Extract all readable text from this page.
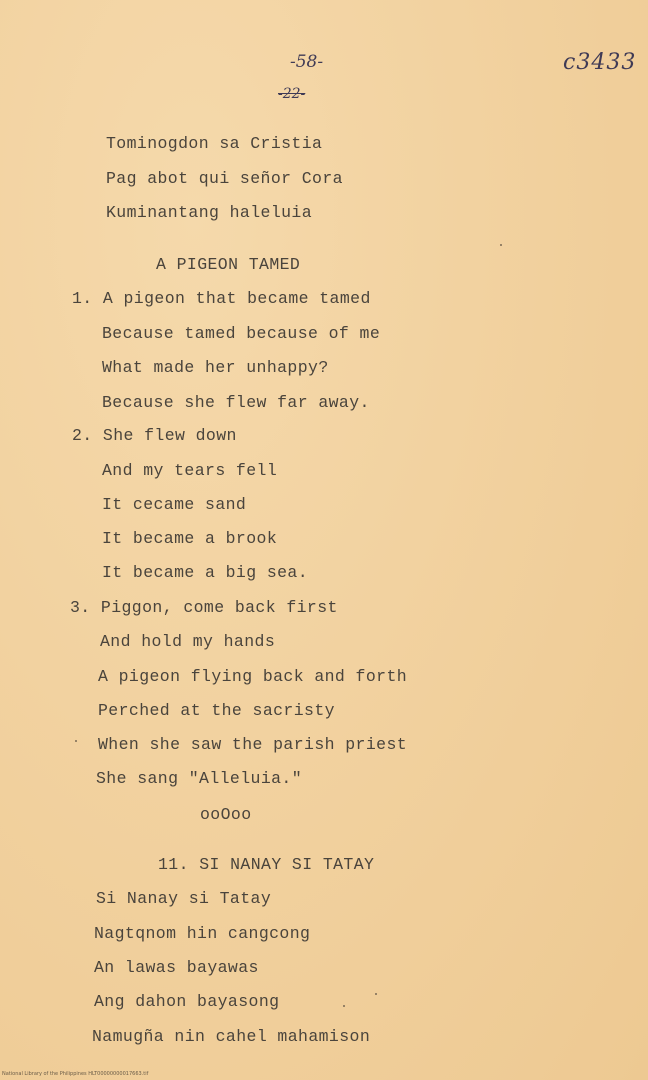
-58-
-22-
c3433
Tominogdon sa Cristia
Pag abot qui señor Cora
Kuminantang haleluia
A PIGEON TAMED
1. A pigeon that became tamed
Because tamed because of me
What made her unhappy?
Because she flew far away.
2. She flew down
And my tears fell
It cecame sand
It became a brook
It became a big sea.
3. Piggon, come back first
And hold my hands
A pigeon flying back and forth
Perched at the sacristy
When she saw the parish priest
She sang "Alleluia."
ooOoo
11. SI NANAY SI TATAY
Si Nanay si Tatay
Nagtqnom hin cangcong
An lawas bayawas
Ang dahon bayasong
Namugña nin cahel mahamison
National Library of the Philippines HLT00000000017663.tif
